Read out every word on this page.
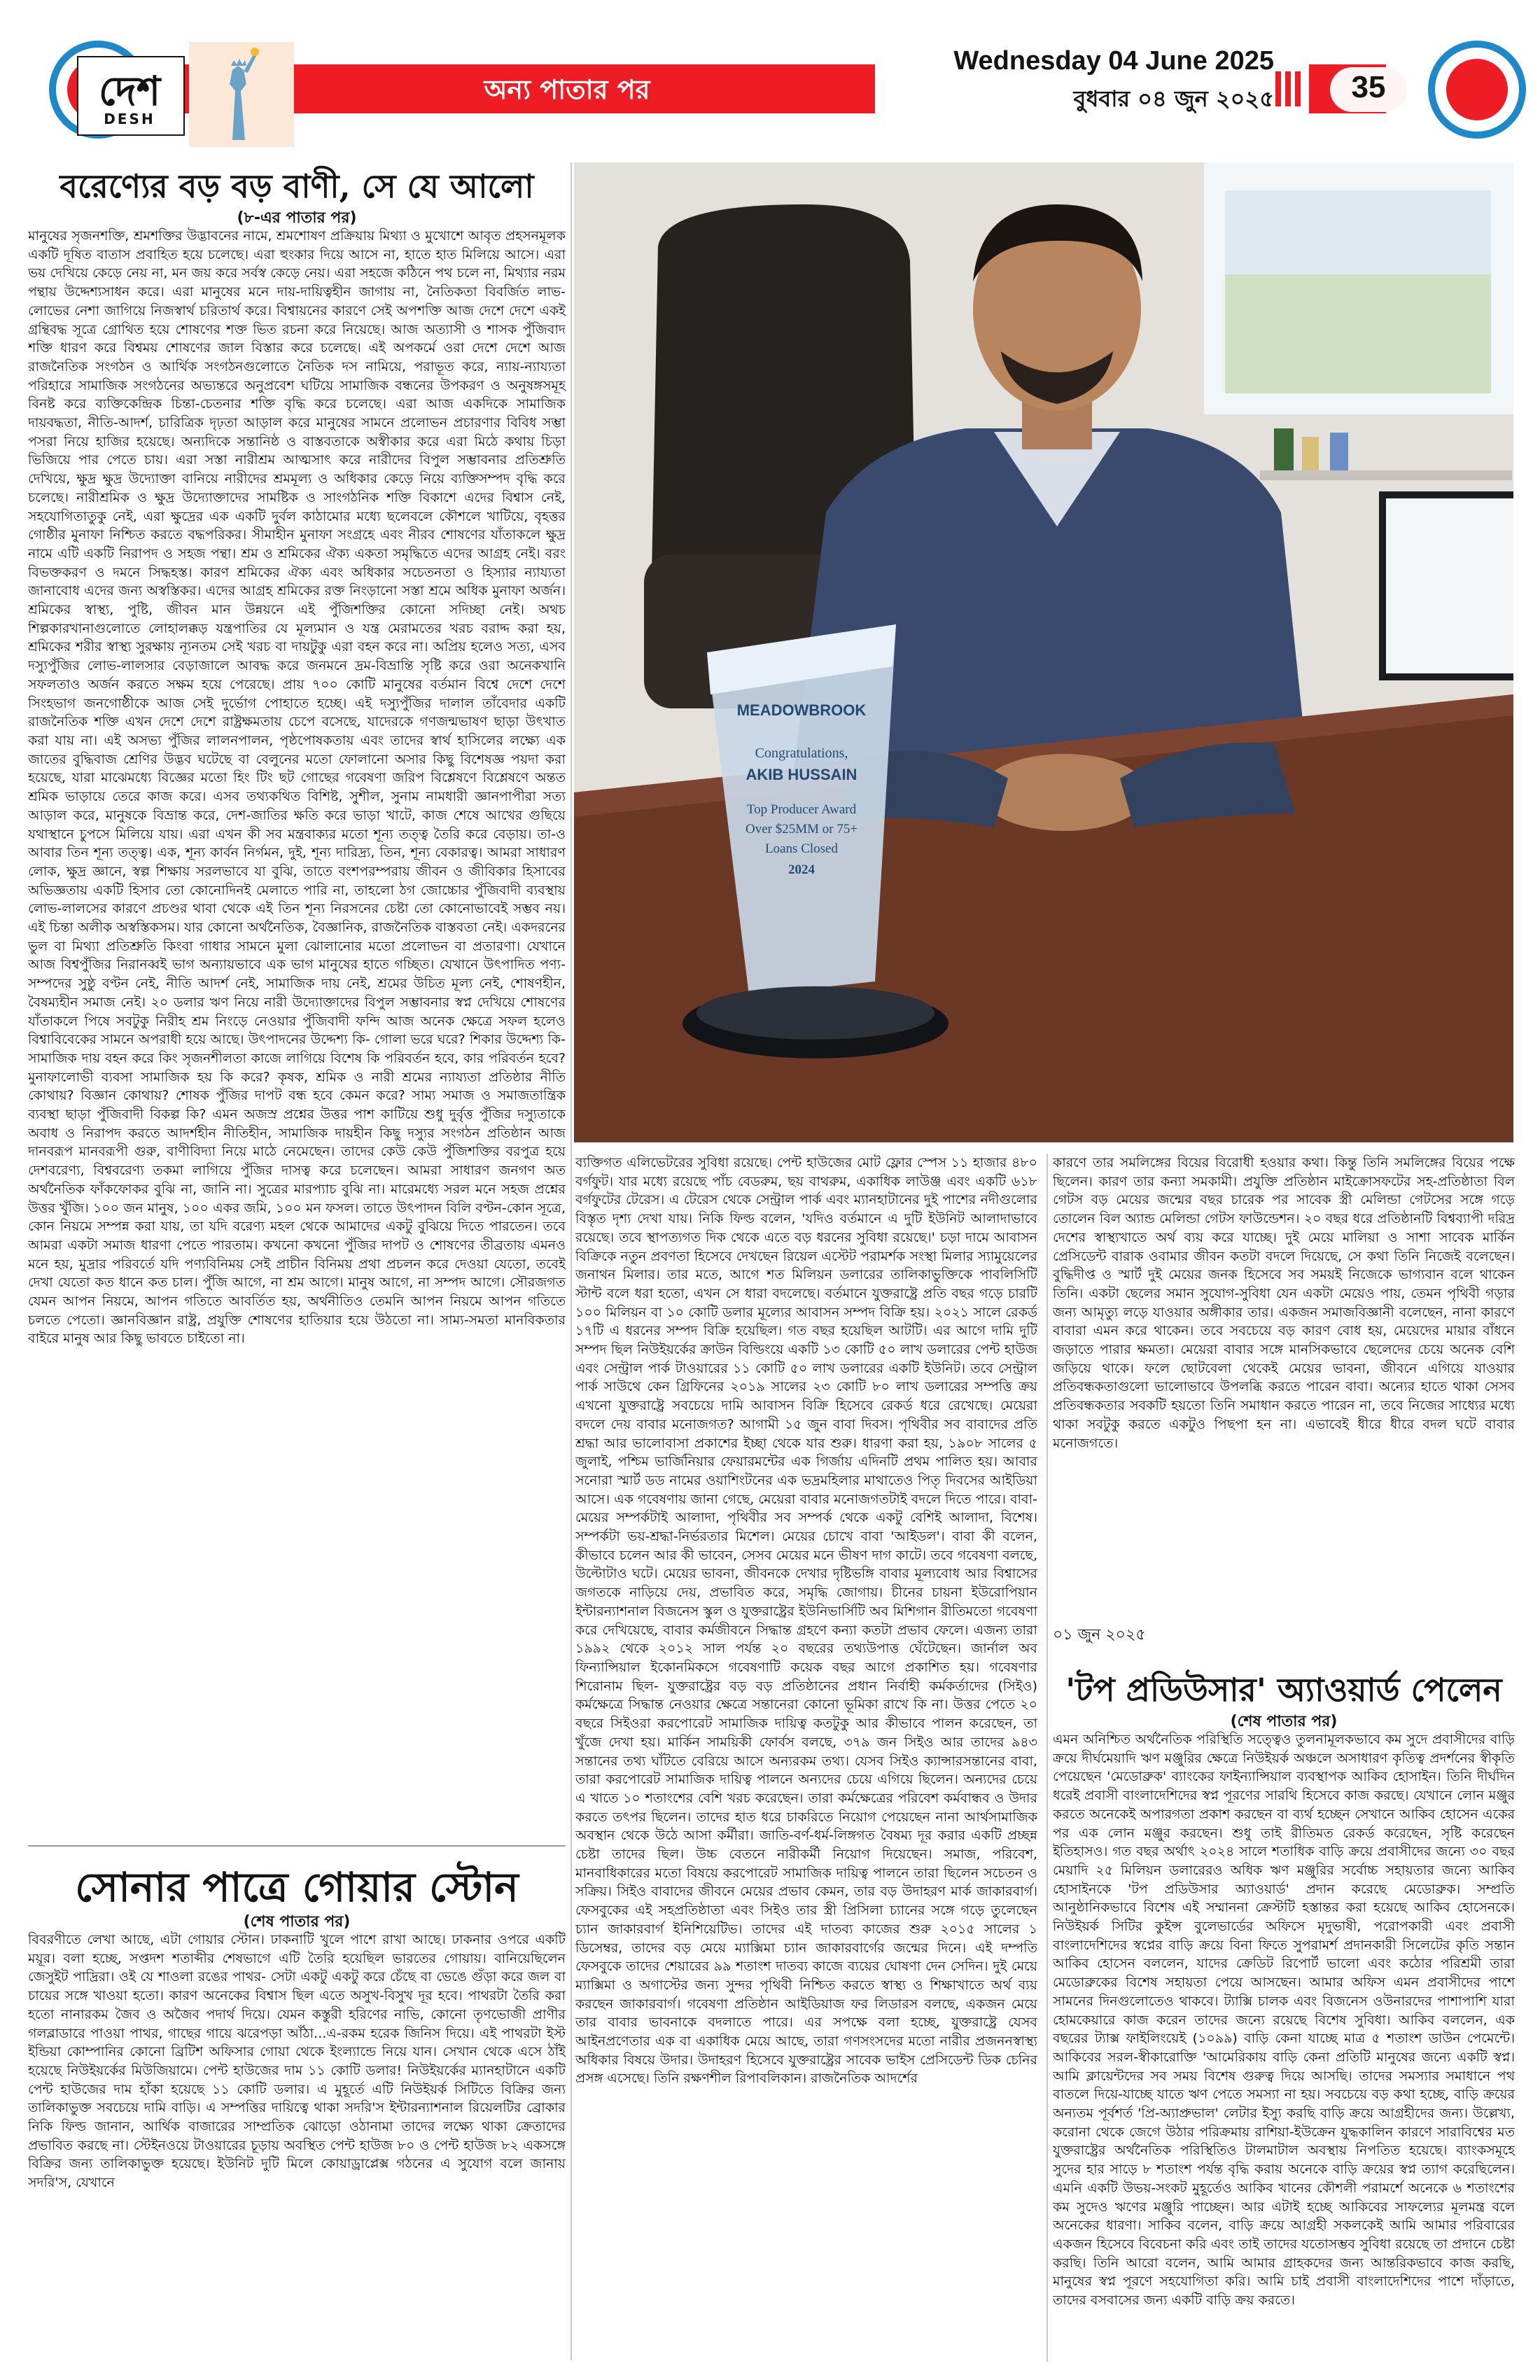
দেশ
DESH
অন্য পাতার পর
Wednesday 04 June 2025
বুধবার ০৪ জুন ২০২৫	35
বরেণ্যের বড় বড় বাণী, সে যে আলো
(৮-এর পাতার পর)
মানুষের সৃজনশক্তি, শ্রমশক্তির উদ্ভাবনের নামে, শ্রমশোষণ প্রক্রিয়ায় মিথ্যা ও মুখোশে আবৃত প্রহসনমূলক একটি দূষিত বাতাস প্রবাহিত হয়ে চলেছে। এরা হুংকার দিয়ে আসে না, হাতে হাত মিলিয়ে আসে। এরা ভয় দেখিয়ে কেড়ে নেয় না, মন জয় করে সর্বস্ব কেড়ে নেয়। এরা সহজে কঠিনে পথ চলে না, মিথ্যার নরম পন্থায় উদ্দেশ্যসাধন করে। এরা মানুষের মনে দায়-দায়িত্বহীন জাগায় না, নৈতিকতা বিবর্জিত লাভ-লোভের নেশা জাগিয়ে নিজস্বার্থ চরিতার্থ করে। বিশ্বায়নের কারণে সেই অপশক্তি আজ দেশে দেশে একই গ্রন্থিবদ্ধ সূত্রে গ্রোথিত হয়ে শোষণের শক্ত ভিত রচনা করে নিয়েছে। আজ অত্যাসী ও শাসক পুঁজিবাদ শক্তি ধারণ করে বিশ্বময় শোষণের জাল বিস্তার করে চলেছে। এই অপকর্মে ওরা দেশে দেশে আজ রাজনৈতিক সংগঠন ও আর্থিক সংগঠনগুলোতে নৈতিক দস নামিয়ে, পরাভূত করে, ন্যায়-ন্যায্যতা পরিহারে সামাজিক সংগঠনের অভ্যন্তরে অনুপ্রবেশ ঘটিয়ে সামাজিক বন্ধনের উপকরণ ও অনুষঙ্গসমূহ বিনষ্ট করে ব্যক্তিকেন্দ্রিক চিন্তা-চেতনার শক্তি বৃদ্ধি করে চলেছে। এরা আজ একদিকে সামাজিক দায়বদ্ধতা, নীতি-আদর্শ, চারিত্রিক দৃঢ়তা আড়াল করে মানুষের সামনে প্রলোভন প্রচারণার বিবিধ সম্ভা পসরা নিয়ে হাজির হয়েছে। অন্যদিকে সন্তানিষ্ঠ ও বাস্তবতাকে অস্বীকার করে এরা মিঠে কথায় চিড়া ভিজিয়ে পার পেতে চায়। এরা সস্তা নারীশ্রম আত্মসাৎ করে নারীদের বিপুল সম্ভাবনার প্রতিশ্রুতি দেখিয়ে, ক্ষুদ্র ক্ষুদ্র উদ্যোক্তা বানিয়ে নারীদের শ্রমমূল্য ও অধিকার কেড়ে নিয়ে ব্যক্তিসম্পদ বৃদ্ধি করে চলেছে। নারীশ্রমিক ও ক্ষুদ্র উদ্যোক্তাদের সামষ্টিক ও সাংগঠনিক শক্তি বিকাশে এদের বিশ্বাস নেই, সহযোগিতাতুকু নেই, এরা ক্ষুদ্রের এক একটি দুর্বল কাঠামোর মধ্যে ছলেবলে কৌশলে খাটিয়ে, বৃহত্তর গোষ্ঠীর মুনাফা নিশ্চিত করতে বদ্ধপরিকর। সীমাহীন মুনাফা সংগ্রহে এবং নীরব শোষণের যাঁতাকলে ক্ষুদ্র নামে এটি একটি নিরাপদ ও সহজ পন্থা। শ্রম ও শ্রমিকের ঐক্য একতা সমৃদ্ধিতে এদের আগ্রহ নেই। বরং বিভক্তকরণ ও দমনে সিদ্ধহস্ত। কারণ শ্রমিকের ঐক্য এবং অধিকার সচেতনতা ও হিস্যার ন্যায্যতা জানাবোধ এদের জন্য অস্বস্তিকর। এদের আগ্রহ শ্রমিকের রক্ত নিংড়ানো সস্তা শ্রমে অধিক মুনাফা অর্জন। শ্রমিকের স্বাস্থ্য, পুষ্টি, জীবন মান উন্নয়নে এই পুঁজিশক্তির কোনো সদিচ্ছা নেই। অথচ শিল্পকারখানাগুলোতে লোহালক্কড় যন্ত্রপাতির যে মূল্যমান ও যন্ত্র মেরামতের খরচ বরাদ্দ করা হয়, শ্রমিকের শরীর স্বাস্থ্য সুরক্ষায় ন্যূনতম সেই খরচ বা দায়টুকু এরা বহন করে না। অপ্রিয় হলেও সত্য, এসব দস্যুপুঁজির লোভ-লালসার বেড়াজালে আবদ্ধ করে জনমনে দ্রম-বিভ্রান্তি সৃষ্টি করে ওরা অনেকখানি সফলতাও অর্জন করতে সক্ষম হয়ে পেরেছে। প্রায় ৭০০ কোটি মানুষের বর্তমান বিশ্বে দেশে দেশে সিংহভাগ জনগোষ্ঠীকে আজ সেই দুর্ভোগ পোহাতে হচ্ছে। এই দস্যুপুঁজির দালাল তাঁবেদার একটি রাজনৈতিক শক্তি এখন দেশে দেশে রাষ্ট্রক্ষমতায় চেপে বসেছে, যাদেরকে গণজন্মভাষণ ছাড়া উৎখাত করা যায় না। এই অসভ্য পুঁজির লালনপালন, পৃষ্ঠপোষকতায় এবং তাদের স্বার্থ হাসিলের লক্ষ্যে এক জাতের বুদ্ধিবাজ শ্রেণির উদ্ভব ঘটেছে বা বেলুনের মতো ফোলানো অসার কিছু বিশেষজ্ঞ পয়দা করা হয়েছে, যারা মাঝেমধ্যে বিজ্ঞের মতো হিং টিং ছট গোছের গবেষণা জরিপ বিশ্লেষণে বিশ্লেষণে অন্তত শ্রমিক ভাড়ায়ে তেরে কাজ করে। এসব তথ্যকথিত বিশিষ্ট, সুশীল, সুনাম নামধারী জ্ঞানপাপীরা সত্য আড়াল করে, মানুষকে বিভ্রান্ত করে, দেশ-জাতির ক্ষতি করে ভাড়া খাটে, কাজ শেষে আখের গুছিয়ে যথাস্থানে চুপসে মিলিয়ে যায়। এরা এখন কী সব মন্ত্রবাক্যর মতো শূন্য তত্ত্ব তৈরি করে বেড়ায়। তা-ও আবার তিন শূন্য তত্ত্ব। এক, শূন্য কার্বন নির্গমন, দুই, শূন্য দারিদ্র্য, তিন, শূন্য বেকারত্ব। আমরা সাধারণ লোক, ক্ষুদ্র জ্ঞানে, স্বল্প শিক্ষায় সরলভাবে যা বুঝি, তাতে বংশপরম্পরায় জীবন ও জীবিকার হিসাবের অভিজ্ঞতায় একটি হিসাব তো কোনোদিনই মেলাতে পারি না, তাহলো ঠগ জোচ্চোর পুঁজিবাদী ব্যবস্থায় লোভ-লালসের কারণে প্রচণ্ডর থাবা থেকে এই তিন শূন্য নিরসনের চেষ্টা তো কোনোভাবেই সম্ভব নয়। এই চিন্তা অলীক অস্বস্তিকসম। যার কোনো অর্থনৈতিক, বৈজ্ঞানিক, রাজনৈতিক বাস্তবতা নেই। একদরনের ভুল বা মিথ্যা প্রতিশ্রুতি কিংবা গাধার সামনে মুলা ঝোলানোর মতো প্রলোভন বা প্রতারণা। যেখানে আজ বিশ্বপুঁজির নিরানব্বই ভাগ অন্যায়ভাবে এক ভাগ মানুষের হাতে গচ্ছিত। যেখানে উৎপাদিত পণ্য-সম্পদের সুষ্ঠু বণ্টন নেই, নীতি আদর্শ নেই, সামাজিক দায় নেই, শ্রমের উচিত মূল্য নেই, শোষণহীন, বৈষম্যহীন সমাজ নেই। ২০ ডলার ঋণ নিয়ে নারী উদ্যোক্তাদের বিপুল সম্ভাবনার স্বপ্ন দেখিয়ে শোষণের যাঁতাকলে পিষে সবটুকু নিরীহ শ্রম নিংড়ে নেওয়ার পুঁজিবাদী ফন্দি আজ অনেক ক্ষেত্রে সফল হলেও বিশ্বাবিবেকের সামনে অপরাধী হয়ে আছে। উৎপাদনের উদ্দেশ্য কি- গোলা ভরে ঘরে? শিকার উদ্দেশ্য কি- সামাজিক দায় বহন করে কিং সৃজনশীলতা কাজে লাগিয়ে বিশেষ কি পরিবর্তন হবে, কার পরিবর্তন হবে? মুনাফালোভী ব্যবসা সামাজিক হয় কি করে? কৃষক, শ্রমিক ও নারী শ্রমের ন্যায্যতা প্রতিষ্ঠার নীতি কোথায়? বিজ্ঞান কোথায়? শোষক পুঁজির দাপট বন্ধ হবে কেমন করে? সাম্য সমাজ ও সমাজতান্ত্রিক ব্যবস্থা ছাড়া পুঁজিবাদী বিকল্প কি? এমন অজস্র প্রশ্নের উত্তর পাশ কাটিয়ে শুধু দুর্বৃত্ত পুঁজির দস্যুতাকে অবাধ ও নিরাপদ করতে আদর্শহীন নীতিহীন, সামাজিক দায়হীন কিছু দস্যুর সংগঠন প্রতিষ্ঠান আজ দানবরূপ মানবরূপী গুরু, বাণীবিদ্যা নিয়ে মাঠে নেমেছেন। তাদের কেউ কেউ পুঁজিশক্তির বরপুত্র হয়ে দেশবরেণ্য, বিশ্ববরেণ্য তকমা লাগিয়ে পুঁজির দাসত্ব করে চলেছেন। আমরা সাধারণ জনগণ অত অর্থনৈতিক ফাঁকফোকর বুঝি না, জানি না। সুত্রের মারপ্যাচ বুঝি না। মারেমধ্যে সরল মনে সহজ প্রশ্নের উত্তর খুঁজি। ১০০ জন মানুষ, ১০০ একর জমি, ১০০ মন ফসল। তাতে উৎপাদন বিলি বণ্টন-কোন সূত্রে, কোন নিয়মে সম্পন্ন করা যায়, তা যদি বরেণ্য মহল থেকে আমাদের একটু বুঝিয়ে দিতে পারতেন। তবে আমরা একটা সমাজ ধারণা পেতে পারতাম। কখনো কখনো পুঁজির দাপট ও শোষণের তীব্রতায় এমনও মনে হয়, মুদ্রার পরিবর্তে যদি পণ্যবিনিময় সেই প্রাচীন বিনিময় প্রথা প্রচলন করে দেওয়া যেতো, তবেই দেখা যেতো কত ধানে কত চাল। পুঁজি আগে, না শ্রম আগে। মানুষ আগে, না সম্পদ আগে। সৌরজগত যেমন আপন নিয়মে, আপন গতিতে আবর্তিত হয়, অর্থনীতিও তেমনি আপন নিয়মে আপন গতিতে চলতে পেতো। জ্ঞানবিজ্ঞান রাষ্ট্র, প্রযুক্তি শোষণের হাতিয়ার হয়ে উঠতো না। সাম্য-সমতা মানবিকতার বাইরে মানুষ আর কিছু ভাবতে চাইতো না।
সোনার পাত্রে গোয়ার স্টোন
(শেষ পাতার পর)
বিবরণীতে লেখা আছে, এটা গোয়ার স্টোন। ঢাকনাটি খুলে পাশে রাখা আছে। ঢাকনার ওপরে একটি ময়ূর। বলা হচ্ছে, সপ্তদশ শতাব্দীর শেষভাগে এটি তৈরি হয়েছিল ভারতের গোয়ায়। বানিয়েছিলেন জেসুইট পাদ্রিরা। ওই যে শাওলা রঙের পাথর- সেটা একটু একটু করে চেঁছে বা ভেঙে গুঁড়া করে জল বা চায়ের সঙ্গে খাওয়া হতো। কারণ অনেকের বিশ্বাস ছিল এতে অসুখ-বিসুখ দূর হবে। পাথরটা তৈরি করা হতো নানারকম জৈব ও অজৈব পদার্থ দিয়ে। যেমন কস্তুরী হরিণের নাভি, কোনো তৃণভোজী প্রাণীর গলব্লাডারে পাওয়া পাথর, গাছের গায়ে ঝরেপড়া আঁঠা...এ-রকম হরেক জিনিস দিয়ে। এই পাথরটা ইস্ট ইন্ডিয়া কোম্পানির কোনো ব্রিটিশ অফিসার গোয়া থেকে ইংল্যান্ডে নিয়ে যান। সেখান থেকে এসে ঠাঁই হয়েছে নিউইয়র্কের মিউজিয়ামে। পেন্ট হাউজের দাম ১১ কোটি ডলার! নিউইয়র্কের ম্যানহাটানে একটি পেন্ট হাউজের দাম হাঁকা হয়েছে ১১ কোটি ডলার। এ মুহূর্তে এটি নিউইয়র্ক সিটিতে বিক্রির জন্য তালিকাভুক্ত সবচেয়ে দামি বাড়ি। এ সম্পত্তির দায়িত্বে থাকা সদরি'স ইন্টারন্যাশনাল রিয়েলটির ব্রোকার নিকি ফিল্ড জানান, আর্থিক বাজারের সাম্প্রতিক ঝোড়ো ওঠানামা তাদের লক্ষ্যে থাকা ক্রেতাদের প্রভাবিত করছে না। স্টেইনওয়ে টাওয়ারের চূড়ায় অবস্থিত পেন্ট হাউজ ৮০ ও পেন্ট হাউজ ৮২ একসঙ্গে বিক্রির জন্য তালিকাভুক্ত হয়েছে। ইউনিট দুটি মিলে কোয়াড্রাপ্লেক্স গঠনের এ সুযোগ বলে জানায় সদরি'স, যেখানে
MEADOWBROOK
Congratulations,
AKIB HUSSAIN
Top Producer Award
Over $25MM or 75+
Loans Closed
2024
ব্যক্তিগত এলিভেটরের সুবিধা রয়েছে। পেন্ট হাউজের মোট ফ্লোর স্পেস ১১ হাজার ৪৮০ বর্গফুট। যার মধ্যে রয়েছে পাঁচ বেডরুম, ছয় বাথরুম, একাধিক লাউঞ্জ এবং একটি ৬১৮ বর্গফুটের টেরেস। এ টেরেস থেকে সেন্ট্রাল পার্ক এবং ম্যানহাটানের দুই পাশের নদীগুলোর বিস্তৃত দৃশ্য দেখা যায়। নিকি ফিল্ড বলেন, 'যদিও বর্তমানে এ দুটি ইউনিট আলাদাভাবে রয়েছে। তবে স্থাপত্যগত দিক থেকে এতে বড় ধরনের সুবিধা রয়েছে।' চড়া দামে আবাসন বিক্রিকে নতুন প্রবণতা হিসেবে দেখছেন রিয়েল এস্টেট পরামর্শক সংস্থা মিলার স্যামুয়েলের জনাথন মিলার। তার মতে, আগে শত মিলিয়ন ডলারের তালিকাভুক্তিকে পাবলিসিটি স্টান্ট বলে ধরা হতো, এখন সে ধারা বদলেছে। বর্তমানে যুক্তরাষ্ট্রে প্রতি বছর গড়ে চারটি ১০০ মিলিয়ন বা ১০ কোটি ডলার মূল্যের আবাসন সম্পদ বিক্রি হয়। ২০২১ সালে রেকর্ড ১৭টি এ ধরনের সম্পদ বিক্রি হয়েছিল। গত বছর হয়েছিল আটটি। এর আগে দামি দুটি সম্পদ ছিল নিউইয়র্কের ক্রাউন বিল্ডিংয়ে একটি ১৩ কোটি ৫০ লাখ ডলারের পেন্ট হাউজ এবং সেন্ট্রাল পার্ক টাওয়ারের ১১ কোটি ৫০ লাখ ডলারের একটি ইউনিট। তবে সেন্ট্রাল পার্ক সাউথে কেন গ্রিফিনের ২০১৯ সালের ২৩ কোটি ৮০ লাখ ডলারের সম্পত্তি ক্রয় এখনো যুক্তরাষ্ট্রে সবচেয়ে দামি আবাসন বিক্রি হিসেবে রেকর্ড ধরে রেখেছে। মেয়েরা বদলে দেয় বাবার মনোজগত? আগামী ১৫ জুন বাবা দিবস। পৃথিবীর সব বাবাদের প্রতি শ্রদ্ধা আর ভালোবাসা প্রকাশের ইচ্ছা থেকে যার শুরু। ধারণা করা হয়, ১৯০৮ সালের ৫ জুলাই, পশ্চিম ভার্জিনিয়ার ফেয়ারমন্টের এক গির্জায় এদিনটি প্রথম পালিত হয়। আবার সনোরা স্মার্ট ডড নামের ওয়াশিংটনের এক ভদ্রমহিলার মাথাতেও পিতৃ দিবসের আইডিয়া আসে। এক গবেষণায় জানা গেছে, মেয়েরা বাবার মনোজগতটাই বদলে দিতে পারে। বাবা-মেয়ের সম্পর্কটাই আলাদা, পৃথিবীর সব সম্পর্ক থেকে একটু বেশিই আলাদা, বিশেষ। সম্পর্কটা ভয়-শ্রদ্ধা-নির্ভরতার মিশেল। মেয়ের চোখে বাবা 'আইডল'। বাবা কী বলেন, কীভাবে চলেন আর কী ভাবেন, সেসব মেয়ের মনে ভীষণ দাগ কাটে। তবে গবেষণা বলছে, উল্টোটাও ঘটে। মেয়ের ভাবনা, জীবনকে দেখার দৃষ্টিভঙ্গি বাবার মূল্যবোধ আর বিশ্বাসের জগতকে নাড়িয়ে দেয়, প্রভাবিত করে, সমৃদ্ধি জোগায়। চীনের চায়না ইউরোপিয়ান ইন্টারন্যাশনাল বিজনেস স্কুল ও যুক্তরাষ্ট্রের ইউনিভার্সিটি অব মিশিগান রীতিমতো গবেষণা করে দেখিয়েছে, বাবার কর্মজীবনে সিদ্ধান্ত গ্রহণে কন্যা কতটা প্রভাব ফেলে। এজন্য তারা ১৯৯২ থেকে ২০১২ সাল পর্যন্ত ২০ বছরের তথ্যউপাত্ত ঘেঁটেছেন। জার্নাল অব ফিন্যান্সিয়াল ইকোনমিকসে গবেষণাটি কয়েক বছর আগে প্রকাশিত হয়। গবেষণার শিরোনাম ছিল- যুক্তরাষ্ট্রের বড় বড় প্রতিষ্ঠানের প্রধান নির্বাহী কর্মকর্তাদের (সিইও) কর্মক্ষেত্রে সিদ্ধান্ত নেওয়ার ক্ষেত্রে সন্তানেরা কোনো ভূমিকা রাখে কি না। উত্তর পেতে ২০ বছরে সিইওরা করপোরেট সামাজিক দায়িত্ব কতটুকু আর কীভাবে পালন করেছেন, তা খুঁজে দেখা হয়। মার্কিন সাময়িকী ফোর্বস বলছে, ৩৭৯ জন সিইও আর তাদের ৯৪৩ সন্তানের তথ্য ঘাঁটতে বেরিয়ে আসে অন্যরকম তথ্য। যেসব সিইও ক্যান্সারসন্তানের বাবা, তারা করপোরেট সামাজিক দায়িত্ব পালনে অন্যদের চেয়ে এগিয়ে ছিলেন। অন্যদের চেয়ে এ খাতে ১০ শতাংশের বেশি খরচ করেছেন। তারা কর্মক্ষেত্রের পরিবেশ কর্মবান্ধব ও উদার করতে তৎপর ছিলেন। তাদের হাত ধরে চাকরিতে নিয়োগ পেয়েছেন নানা আর্থসামাজিক অবস্থান থেকে উঠে আসা কর্মীরা। জাতি-বর্ণ-ধর্ম-লিঙ্গগত বৈষম্য দূর করার একটি প্রচ্ছন্ন চেষ্টা তাদের ছিল। উচ্চ বেতনে নারীকর্মী নিয়োগ দিয়েছেন। সমাজ, পরিবেশ, মানবাধিকারের মতো বিষয়ে করপোরেট সামাজিক দায়িত্ব পালনে তারা ছিলেন সচেতন ও সক্রিয়। সিইও বাবাদের জীবনে মেয়ের প্রভাব কেমন, তার বড় উদাহরণ মার্ক জাকারবার্গ। ফেসবুকের এই সহপ্রতিষ্ঠাতা এবং সিইও তার স্ত্রী প্রিসিলা চ্যানের সঙ্গে গড়ে তুলেছেন চ্যান জাকারবার্গ ইনিশিয়েটিভ। তাদের এই দাতব্য কাজের শুরু ২০১৫ সালের ১ ডিসেম্বর, তাদের বড় মেয়ে ম্যাক্সিমা চ্যান জাকারবার্গের জন্মের দিনে। এই দম্পতি ফেসবুকে তাদের শেয়ারের ৯৯ শতাংশ দাতব্য কাজে ব্যয়ের ঘোষণা দেন সেদিন। দুই মেয়ে ম্যাক্সিমা ও অগাস্টের জন্য সুন্দর পৃথিবী নিশ্চিত করতে স্বাস্থ্য ও শিক্ষাখাতে অর্থ ব্যয় করছেন জাকারবার্গ। গবেষণা প্রতিষ্ঠান আইডিয়াজ ফর লিডারস বলছে, একজন মেয়ে তার বাবার ভাবনাকে বদলাতে পারে। এর সপক্ষে বলা হচ্ছে, যুক্তরাষ্ট্রে যেসব আইনপ্রণেতার এক বা একাধিক মেয়ে আছে, তারা গণসংসদের মতো নারীর প্রজননস্বাস্থ্য অধিকার বিষয়ে উদার। উদাহরণ হিসেবে যুক্তরাষ্ট্রের সাবেক ভাইস প্রেসিডেন্ট ডিক চেনির প্রসঙ্গ এসেছে। তিনি রক্ষণশীল রিপাবলিকান। রাজনৈতিক আদর্শের
কারণে তার সমলিঙ্গের বিয়ের বিরোধী হওয়ার কথা। কিন্তু তিনি সমলিঙ্গের বিয়ের পক্ষে ছিলেন। কারণ তার কন্যা সমকামী। প্রযুক্তি প্রতিষ্ঠান মাইক্রোসফটের সহ-প্রতিষ্ঠাতা বিল গেটস বড় মেয়ের জন্মের বছর চারেক পর সাবেক স্ত্রী মেলিন্ডা গেটসের সঙ্গে গড়ে তোলেন বিল অ্যান্ড মেলিন্ডা গেটস ফাউন্ডেশন। ২০ বছর ধরে প্রতিষ্ঠানটি বিশ্বব্যাপী দরিদ্র দেশের স্বাস্থ্যখাতে অর্থ ব্যয় করে যাচ্ছে। দুই মেয়ে মালিয়া ও সাশা সাবেক মার্কিন প্রেসিডেন্ট বারাক ওবামার জীবন কতটা বদলে দিয়েছে, সে কথা তিনি নিজেই বলেছেন। বুদ্ধিদীপ্ত ও স্মার্ট দুই মেয়ের জনক হিসেবে সব সময়ই নিজেকে ভাগ্যবান বলে থাকেন তিনি। একটা ছেলের সমান সুযোগ-সুবিধা যেন একটা মেয়েও পায়, তেমন পৃথিবী গড়ার জন্য আমৃত্যু লড়ে যাওয়ার অঙ্গীকার তার। একজন সমাজবিজ্ঞানী বলেছেন, নানা কারণে বাবারা এমন করে থাকেন। তবে সবচেয়ে বড় কারণ বোধ হয়, মেয়েদের মায়ার বাঁধনে জড়াতে পারার ক্ষমতা। মেয়েরা বাবার সঙ্গে মানসিকভাবে ছেলেদের চেয়ে অনেক বেশি জড়িয়ে থাকে। ফলে ছোটবেলা থেকেই মেয়ের ভাবনা, জীবনে এগিয়ে যাওয়ার প্রতিবন্ধকতাগুলো ভালোভাবে উপলব্ধি করতে পারেন বাবা। অন্যের হাতে থাকা সেসব প্রতিবন্ধকতার সবকটি হয়তো তিনি সমাধান করতে পারেন না, তবে নিজের সাধ্যের মধ্যে থাকা সবটুকু করতে একটুও পিছপা হন না। এভাবেই ধীরে ধীরে বদল ঘটে বাবার মনোজগতে।
০১ জুন ২০২৫
'টপ প্রডিউসার' অ্যাওয়ার্ড পেলেন
(শেষ পাতার পর)
এমন অনিশ্চিত অর্থনৈতিক পরিস্থিতি সত্ত্বেও তুলনামূলকভাবে কম সুদে প্রবাসীদের বাড়ি ক্রয়ে দীর্ঘমেয়াদি ঋণ মঞ্জুরির ক্ষেত্রে নিউইয়র্ক অঞ্চলে অসাধারণ কৃতিত্ব প্রদর্শনের স্বীকৃতি পেয়েছেন 'মেডোব্রুক' ব্যাংকের ফাইন্যান্সিয়াল ব্যবস্থাপক আকিব হোসাইন। তিনি দীর্ঘদিন ধরেই প্রবাসী বাংলাদেশিদের স্বপ্ন পূরণের সারথি হিসেবে কাজ করছে। যেখানে লোন মঞ্জুর করতে অনেকেই অপারগতা প্রকাশ করছেন বা ব্যর্থ হচ্ছেন সেখানে আকিব হোসেন একের পর এক লোন মঞ্জুর করছেন। শুধু তাই রীতিমত রেকর্ড করেছেন, সৃষ্টি করেছেন ইতিহাসও। গত বছর অর্থাৎ ২০২৪ সালে শতাধিক বাড়ি ক্রয়ে প্রবাসীদের জন্যে ৩০ বছর মেয়াদি ২৫ মিলিয়ন ডলারেরও অধিক ঋণ মঞ্জুরির সর্বোচ্চ সহায়তার জন্যে আকিব হোসাইনকে 'টপ প্রডিউসার অ্যাওয়ার্ড' প্রদান করেছে মেডোব্রুক। সম্প্রতি আনুষ্ঠানিকভাবে বিশেষ এই সম্মাননা ক্রেস্টটি হস্তান্তর করা হয়েছে আকিব হোসেনকে। নিউইয়র্ক সিটির কুইন্স বুলেভার্ডের অফিসে মৃদুভাষী, পরোপকারী এবং প্রবাসী বাংলাদেশিদের স্বপ্নের বাড়ি ক্রয়ে বিনা ফিতে সুপরামর্শ প্রদানকারী সিলেটের কৃতি সন্তান আকিব হোসেন বললেন, যাদের ক্রেডিট রিপোর্ট ভালো এবং কঠোর পরিশ্রমী তারা মেডোব্রুকের বিশেষ সহায়তা পেয়ে আসছেন। আমার অফিস এমন প্রবাসীদের পাশে সামনের দিনগুলোতেও থাকবে। ট্যাক্সি চালক এবং বিজনেস ওউনারদের পাশাপাশি যারা হোমকেয়ারে কাজ করেন তাদের জন্যে রয়েছে বিশেষ সুবিধা। আকিব বললেন, এক বছরের ট্যাক্স ফাইলিংয়েই (১০৯৯) বাড়ি কেনা যাচ্ছে মাত্র ৫ শতাংশ ডাউন পেমেন্টে। আকিবের সরল-স্বীকারোক্তি 'আমেরিকায় বাড়ি কেনা প্রতিটি মানুষের জন্যে একটি স্বপ্ন। আমি ক্লায়েন্টদের সব সময় বিশেষ গুরুত্ব দিয়ে আসছি। তাদের সমস্যার সমাধানে পথ বাতলে দিয়ে-যাচ্ছে যাতে ঋণ পেতে সমস্যা না হয়। সবচেয়ে বড় কথা হচ্ছে, বাড়ি ক্রয়ের অন্যতম পূর্বশর্ত 'প্রি-অ্যাপ্রুভাল' লেটার ইস্যু করছি বাড়ি ক্রয়ে আগ্রহীদের জন্য। উল্লেখ্য, করোনা থেকে জেগে উঠার পরিক্রমায় রাশিয়া-ইউক্রেন যুদ্ধকালিন কারণে সারাবিশ্বের মত যুক্তরাষ্ট্রের অর্থনৈতিক পরিস্থিতিও টালমাটাল অবস্থায় নিপতিত হয়েছে। ব্যাংকসমূহে সুদের হার সাড়ে ৮ শতাংশ পর্যন্ত বৃদ্ধি করায় অনেকে বাড়ি ক্রয়ের স্বপ্ন ত্যাগ করেছিলেন। এমনি একটি উভয়-সংকট মুহূর্তেও আকিব খানের কৌশলী পরামর্শে অনেকে ৬ শতাংশের কম সুদেও ঋণের মঞ্জুরি পাচ্ছেন। আর এটাই হচ্ছে আকিবের সাফল্যের মূলমন্ত্র বলে অনেকের ধারণা। সাকিব বলেন, বাড়ি ক্রয়ে আগ্রহী সকলকেই আমি আমার পরিবারের একজন হিসেবে বিবেচনা করি এবং তাই তাদের যতোসম্ভব সুবিধা রয়েছে তা প্রদানে চেষ্টা করছি। তিনি আরো বলেন, আমি আমার গ্রাহকদের জন্য আন্তরিকভাবে কাজ করছি, মানুষের স্বপ্ন পূরণে সহযোগিতা করি। আমি চাই প্রবাসী বাংলাদেশিদের পাশে দাঁড়াতে, তাদের বসবাসের জন্য একটি বাড়ি ক্রয় করতে।
